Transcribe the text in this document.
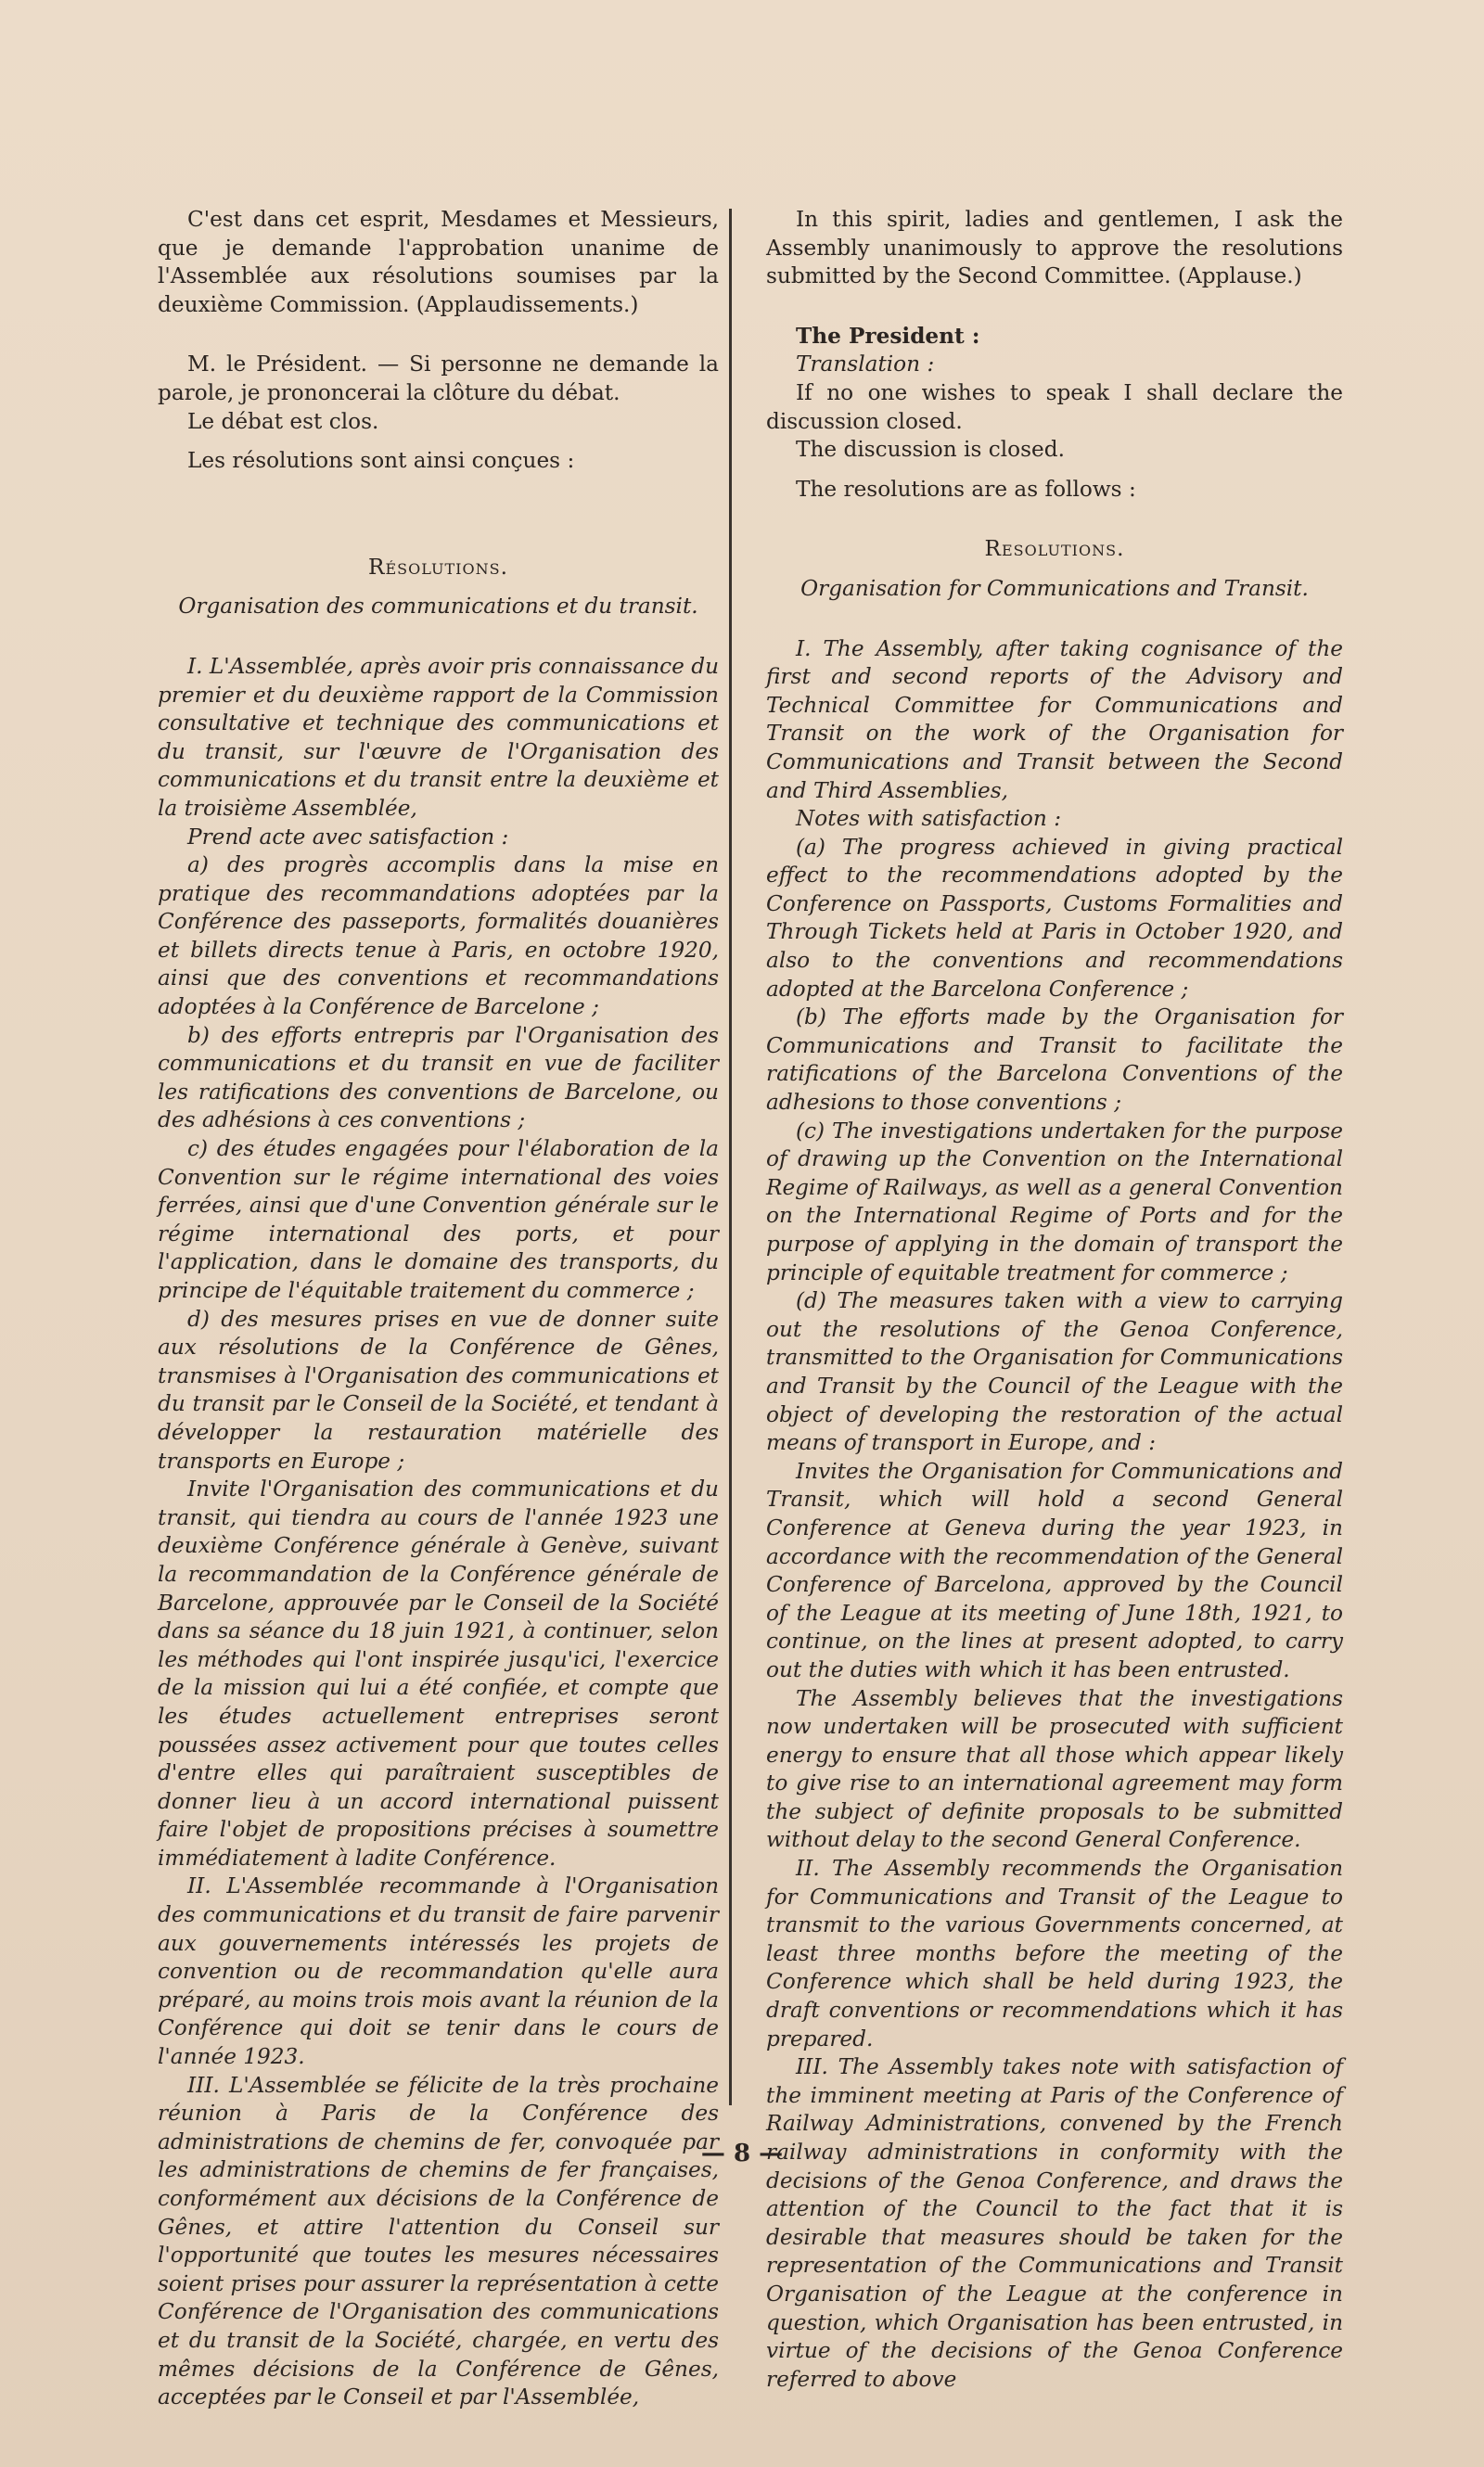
C'est dans cet esprit, Mesdames et Messieurs, que je demande l'approbation unanime de l'Assemblée aux résolutions soumises par la deuxième Commission. (Applaudissements.)

M. le Président. — Si personne ne demande la parole, je prononcerai la clôture du débat.

Le débat est clos.

Les résolutions sont ainsi conçues :

Résolutions.

Organisation des communications et du transit.

I. L'Assemblée, après avoir pris connaissance du premier et du deuxième rapport de la Commission consultative et technique des communications et du transit, sur l'œuvre de l'Organisation des communications et du transit entre la deuxième et la troisième Assemblée,

Prend acte avec satisfaction :

a) des progrès accomplis dans la mise en pratique des recommandations adoptées par la Conférence des passeports, formalités douanières et billets directs tenue à Paris, en octobre 1920, ainsi que des conventions et recommandations adoptées à la Conférence de Barcelone ;

b) des efforts entrepris par l'Organisation des communications et du transit en vue de faciliter les ratifications des conventions de Barcelone, ou des adhésions à ces conventions ;

c) des études engagées pour l'élaboration de la Convention sur le régime international des voies ferrées, ainsi que d'une Convention générale sur le régime international des ports, et pour l'application, dans le domaine des transports, du principe de l'équitable traitement du commerce ;

d) des mesures prises en vue de donner suite aux résolutions de la Conférence de Gênes, transmises à l'Organisation des communications et du transit par le Conseil de la Société, et tendant à développer la restauration matérielle des transports en Europe ;

Invite l'Organisation des communications et du transit, qui tiendra au cours de l'année 1923 une deuxième Conférence générale à Genève, suivant la recommandation de la Conférence générale de Barcelone, approuvée par le Conseil de la Société dans sa séance du 18 juin 1921, à continuer, selon les méthodes qui l'ont inspirée jusqu'ici, l'exercice de la mission qui lui a été confiée, et compte que les études actuellement entreprises seront poussées assez activement pour que toutes celles d'entre elles qui paraîtraient susceptibles de donner lieu à un accord international puissent faire l'objet de propositions précises à soumettre immédiatement à ladite Conférence.

II. L'Assemblée recommande à l'Organisation des communications et du transit de faire parvenir aux gouvernements intéressés les projets de convention ou de recommandation qu'elle aura préparé, au moins trois mois avant la réunion de la Conférence qui doit se tenir dans le cours de l'année 1923.

III. L'Assemblée se félicite de la très prochaine réunion à Paris de la Conférence des administrations de chemins de fer, convoquée par les administrations de chemins de fer françaises, conformément aux décisions de la Conférence de Gênes, et attire l'attention du Conseil sur l'opportunité que toutes les mesures nécessaires soient prises pour assurer la représentation à cette Conférence de l'Organisation des communications et du transit de la Société, chargée, en vertu des mêmes décisions de la Conférence de Gênes, acceptées par le Conseil et par l'Assemblée,

In this spirit, ladies and gentlemen, I ask the Assembly unanimously to approve the resolutions submitted by the Second Committee. (Applause.)

The President :

Translation :

If no one wishes to speak I shall declare the discussion closed.

The discussion is closed.

The resolutions are as follows :

Resolutions.

Organisation for Communications and Transit.

I. The Assembly, after taking cognisance of the first and second reports of the Advisory and Technical Committee for Communications and Transit on the work of the Organisation for Communications and Transit between the Second and Third Assemblies,

Notes with satisfaction :

(a) The progress achieved in giving practical effect to the recommendations adopted by the Conference on Passports, Customs Formalities and Through Tickets held at Paris in October 1920, and also to the conventions and recommendations adopted at the Barcelona Conference ;

(b) The efforts made by the Organisation for Communications and Transit to facilitate the ratifications of the Barcelona Conventions of the adhesions to those conventions ;

(c) The investigations undertaken for the purpose of drawing up the Convention on the International Regime of Railways, as well as a general Convention on the International Regime of Ports and for the purpose of applying in the domain of transport the principle of equitable treatment for commerce ;

(d) The measures taken with a view to carrying out the resolutions of the Genoa Conference, transmitted to the Organisation for Communications and Transit by the Council of the League with the object of developing the restoration of the actual means of transport in Europe, and :

Invites the Organisation for Communications and Transit, which will hold a second General Conference at Geneva during the year 1923, in accordance with the recommendation of the General Conference of Barcelona, approved by the Council of the League at its meeting of June 18th, 1921, to continue, on the lines at present adopted, to carry out the duties with which it has been entrusted.

The Assembly believes that the investigations now undertaken will be prosecuted with sufficient energy to ensure that all those which appear likely to give rise to an international agreement may form the subject of definite proposals to be submitted without delay to the second General Conference.

II. The Assembly recommends the Organisation for Communications and Transit of the League to transmit to the various Governments concerned, at least three months before the meeting of the Conference which shall be held during 1923, the draft conventions or recommendations which it has prepared.

III. The Assembly takes note with satisfaction of the imminent meeting at Paris of the Conference of Railway Administrations, convened by the French railway administrations in conformity with the decisions of the Genoa Conference, and draws the attention of the Council to the fact that it is desirable that measures should be taken for the representation of the Communications and Transit Organisation of the League at the conference in question, which Organisation has been entrusted, in virtue of the decisions of the Genoa Conference referred to above

— 8 —
